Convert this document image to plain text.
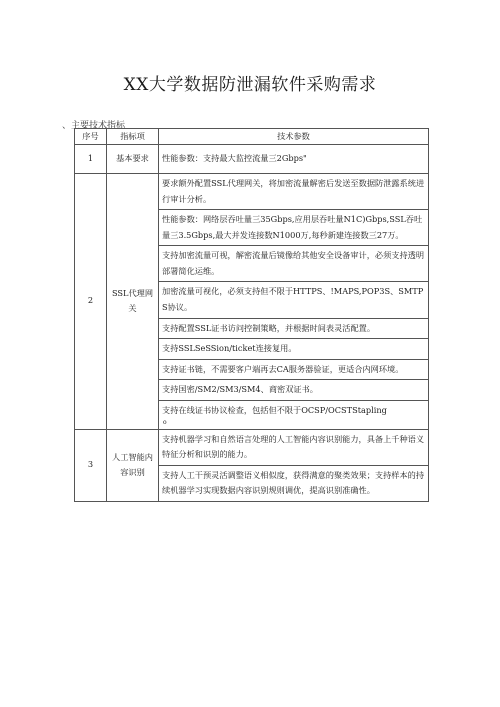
XX大学数据防泄漏软件采购需求
、主要技术指标
序号	指标项	技术参数
1	基本要求	性能参数：支持最大监控流量三2Gbps"

2	SSL代理网关	要求额外配置SSL代理网关，将加密流量解密后发送至数据防泄露系统进行审计分析。

		性能参数：网络层吞吐量三35Gbps,应用层吞吐量N1C)Gbps,SSL吞吐量三3.5Gbps,最大并发连接数N1000万,每秒新建连接数三27万。

		支持加密流量可视，解密流量后镜像给其他安全设备审计，必须支持透明部署简化运维。

		加密流量可视化，必须支持但不限于HTTPS、!MAPS,POP3S、SMTPS协议。

		支持配置SSL证书访问控制策略，并根据时间表灵活配置。

		支持SSLSeSSion/ticket连接复用。

		支持证书链，不需要客户端再去CA服务器验证，更适合内网环境。

		支持国密/SM2/SM3/SM4、商密双证书。

		支持在线证书协议检查，包括但不限于OCSP/OCSTStapling
o

3	人工智能内容识别	支持机器学习和自然语言处理的人工智能内容识别能力，具备上千种语义特征分析和识别的能力。

		支持人工干预灵活调整语义相似度，获得满意的聚类效果；支持样本的持续机器学习实现数据内容识别规则调优，提高识别准确性。
